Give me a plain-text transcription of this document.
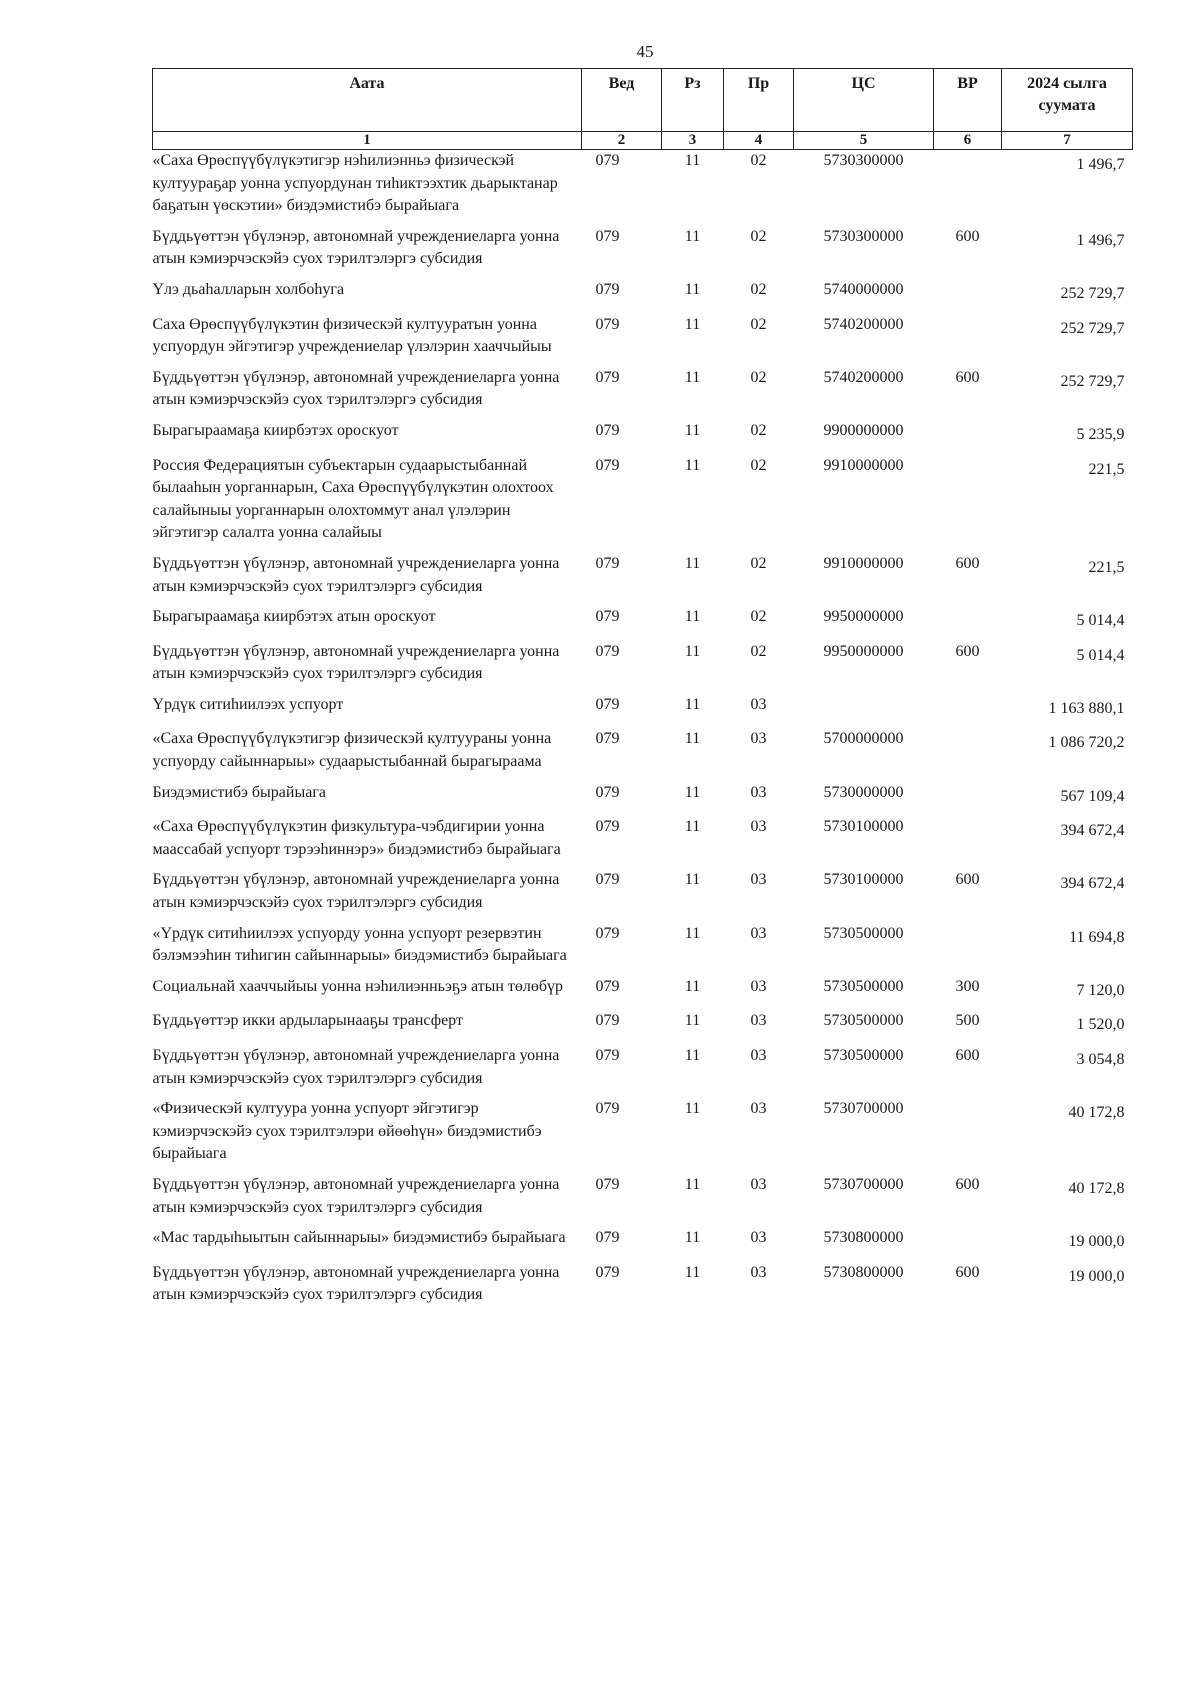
45
Аата	Вед	Рз	Пр	ЦС	ВР	2024 сылга суумата
1	2	3	4	5	6	7
«Саха Өрөспүүбүлүкэтигэр нэһилиэнньэ физическэй култуураҕар уонна успуордунан тиһиктээхтик дьарыктанар баҕатын үөскэтии» биэдэмистибэ бырайыага	079	11	02	5730300000		1 496,7
Бүддьүөттэн үбүлэнэр, автономнай учреждениеларга уонна атын кэмиэрчэскэйэ суох тэрилтэлэргэ субсидия	079	11	02	5730300000	600	1 496,7
Үлэ дьаһалларын холбоһуга	079	11	02	5740000000		252 729,7
Саха Өрөспүүбүлүкэтин физическэй култууратын уонна успуордун эйгэтигэр учреждениелар үлэлэрин хааччыйыы	079	11	02	5740200000		252 729,7
Бүддьүөттэн үбүлэнэр, автономнай учреждениеларга уонна атын кэмиэрчэскэйэ суох тэрилтэлэргэ субсидия	079	11	02	5740200000	600	252 729,7
Бырагыраамаҕа киирбэтэх ороскуот	079	11	02	9900000000		5 235,9
Россия Федерациятын субъектарын судаарыстыбаннай былааһын уорганнарын, Саха Өрөспүүбүлүкэтин олохтоох салайыныы уорганнарын олохтоммут анал үлэлэрин эйгэтигэр салалта уонна салайыы	079	11	02	9910000000		221,5
Бүддьүөттэн үбүлэнэр, автономнай учреждениеларга уонна атын кэмиэрчэскэйэ суох тэрилтэлэргэ субсидия	079	11	02	9910000000	600	221,5
Бырагыраамаҕа киирбэтэх атын ороскуот	079	11	02	9950000000		5 014,4
Бүддьүөттэн үбүлэнэр, автономнай учреждениеларга уонна атын кэмиэрчэскэйэ суох тэрилтэлэргэ субсидия	079	11	02	9950000000	600	5 014,4
Үрдүк ситиһиилээх успуорт	079	11	03			1 163 880,1
«Саха Өрөспүүбүлүкэтигэр физическэй култуураны уонна успуорду сайыннарыы» судаарыстыбаннай бырагыраама	079	11	03	5700000000		1 086 720,2
Биэдэмистибэ бырайыага	079	11	03	5730000000		567 109,4
«Саха Өрөспүүбүлүкэтин физкультура-чэбдигирии уонна маассабай успуорт тэрээһиннэрэ» биэдэмистибэ бырайыага	079	11	03	5730100000		394 672,4
Бүддьүөттэн үбүлэнэр, автономнай учреждениеларга уонна атын кэмиэрчэскэйэ суох тэрилтэлэргэ субсидия	079	11	03	5730100000	600	394 672,4
«Үрдүк ситиһиилээх успуорду уонна успуорт резервэтин бэлэмээһин тиһигин сайыннарыы» биэдэмистибэ бырайыага	079	11	03	5730500000		11 694,8
Социальнай хааччыйыы уонна нэһилиэнньэҕэ атын төлөбүр	079	11	03	5730500000	300	7 120,0
Бүддьүөттэр икки ардыларынааҕы трансферт	079	11	03	5730500000	500	1 520,0
Бүддьүөттэн үбүлэнэр, автономнай учреждениеларга уонна атын кэмиэрчэскэйэ суох тэрилтэлэргэ субсидия	079	11	03	5730500000	600	3 054,8
«Физическэй култуура уонна успуорт эйгэтигэр кэмиэрчэскэйэ суох тэрилтэлэри өйөөһүн» биэдэмистибэ бырайыага	079	11	03	5730700000		40 172,8
Бүддьүөттэн үбүлэнэр, автономнай учреждениеларга уонна атын кэмиэрчэскэйэ суох тэрилтэлэргэ субсидия	079	11	03	5730700000	600	40 172,8
«Мас тардыһыытын сайыннарыы» биэдэмистибэ бырайыага	079	11	03	5730800000		19 000,0
Бүддьүөттэн үбүлэнэр, автономнай учреждениеларга уонна атын кэмиэрчэскэйэ суох тэрилтэлэргэ субсидия	079	11	03	5730800000	600	19 000,0
